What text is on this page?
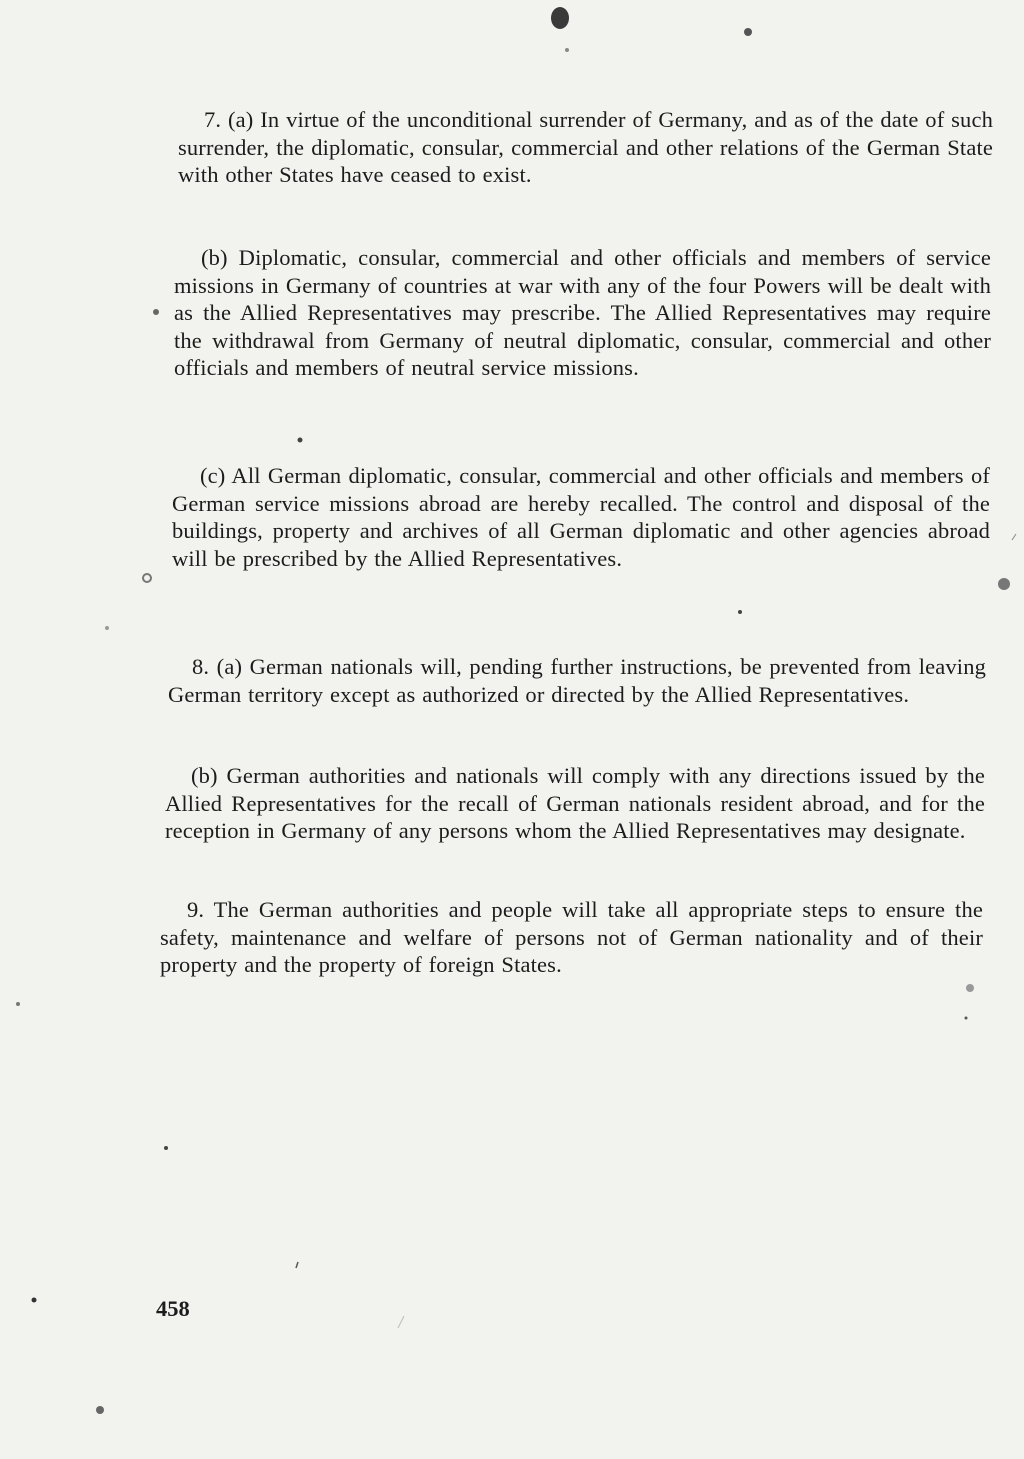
7. (a) In virtue of the unconditional surrender of Germany, and as of the date of such surrender, the diplomatic, consular, commercial and other relations of the German State with other States have ceased to exist.

(b) Diplomatic, consular, commercial and other officials and members of service missions in Germany of countries at war with any of the four Powers will be dealt with as the Allied Representatives may prescribe. The Allied Representatives may require the withdrawal from Germany of neutral diplomatic, consular, commercial and other officials and members of neutral service missions.

(c) All German diplomatic, consular, commercial and other officials and members of German service missions abroad are hereby recalled. The control and disposal of the buildings, property and archives of all German diplomatic and other agencies abroad will be prescribed by the Allied Representatives.

8. (a) German nationals will, pending further instructions, be prevented from leaving German territory except as authorized or directed by the Allied Representatives.

(b) German authorities and nationals will comply with any directions issued by the Allied Representatives for the recall of German nationals resident abroad, and for the reception in Germany of any persons whom the Allied Representatives may designate.

9. The German authorities and people will take all appropriate steps to ensure the safety, maintenance and welfare of persons not of German nationality and of their property and the property of foreign States.

458
